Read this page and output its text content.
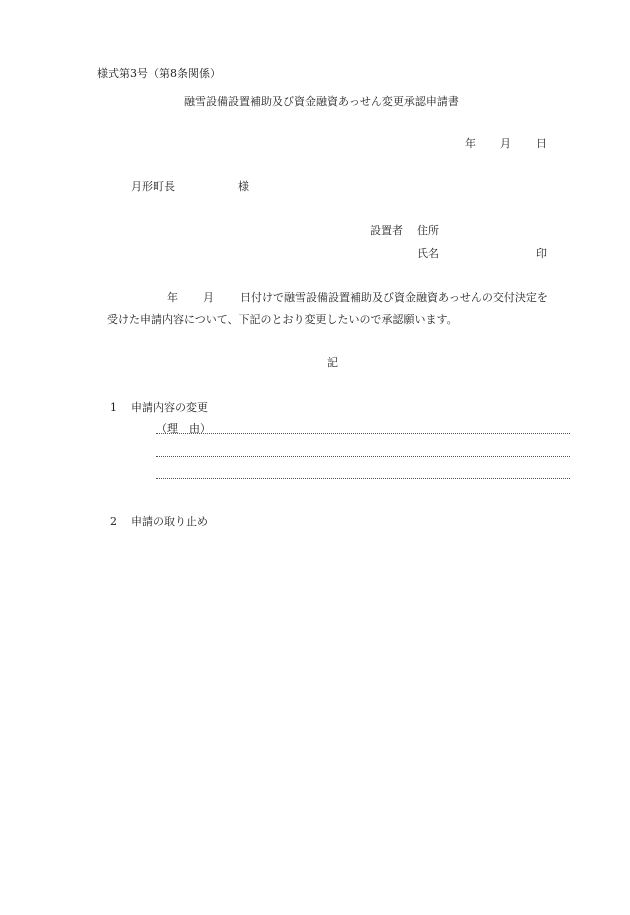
様式第3号（第8条関係）
融雪設備設置補助及び資金融資あっせん変更承認申請書
年 月 日
月形町長	様
設置者 住所
氏名	印
年 月 日付けで融雪設備設置補助及び資金融資あっせんの交付決定を
受けた申請内容について、下記のとおり変更したいので承認願います。
記
1 申請内容の変更
（理　由）
2 申請の取り止め
